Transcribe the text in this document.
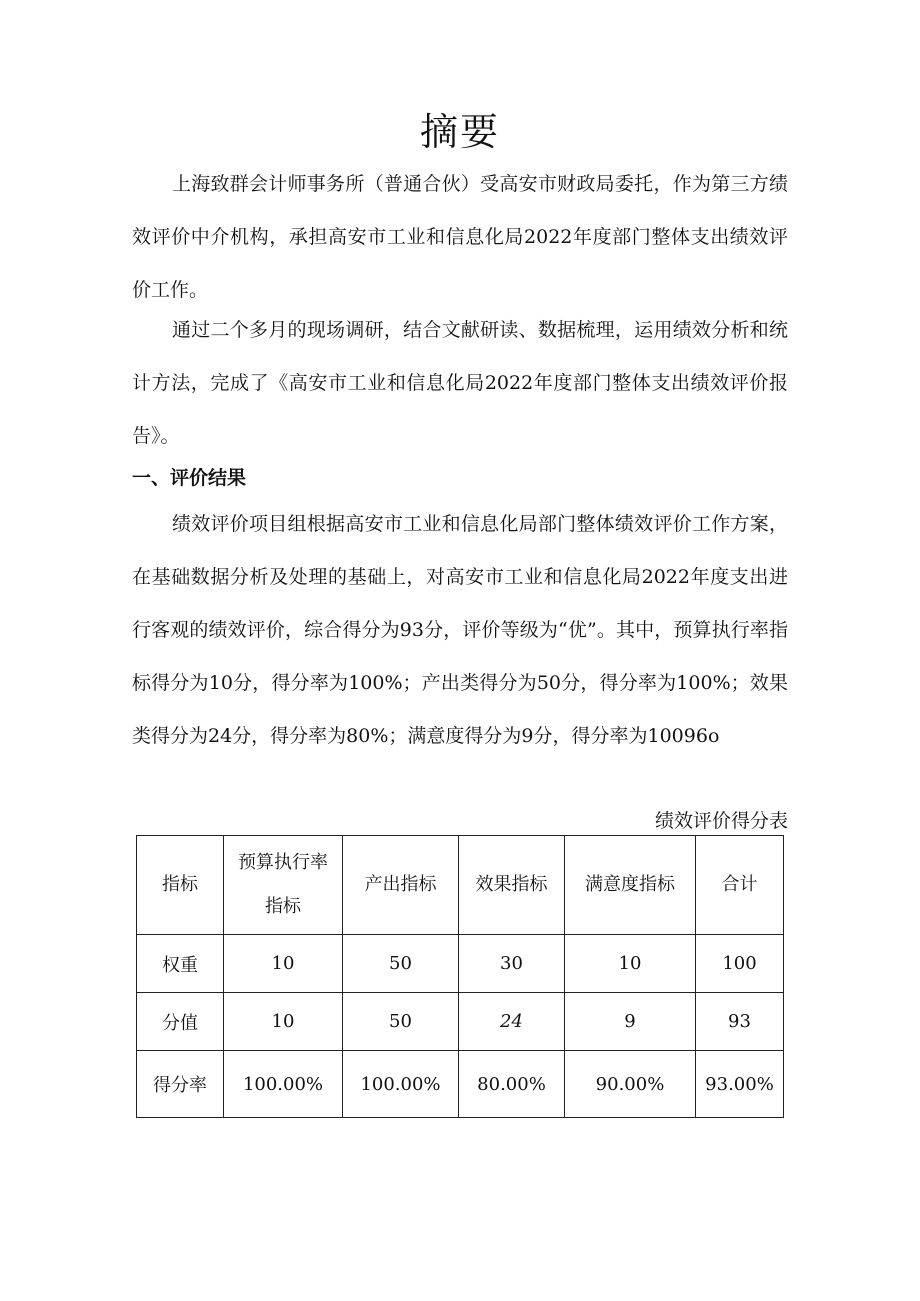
摘要

上海致群会计师事务所（普通合伙）受高安市财政局委托，作为第三方绩效评价中介机构，承担高安市工业和信息化局2022年度部门整体支出绩效评价工作。

通过二个多月的现场调研，结合文献研读、数据梳理，运用绩效分析和统计方法，完成了《高安市工业和信息化局2022年度部门整体支出绩效评价报告》。

一、评价结果

绩效评价项目组根据高安市工业和信息化局部门整体绩效评价工作方案，在基础数据分析及处理的基础上，对高安市工业和信息化局2022年度支出进行客观的绩效评价，综合得分为93分，评价等级为“优”。其中，预算执行率指标得分为10分，得分率为100%；产出类得分为50分，得分率为100%；效果类得分为24分，得分率为80%；满意度得分为9分，得分率为10096o

绩效评价得分表
指标	预算执行率指标	产出指标	效果指标	满意度指标	合计
权重	10	50	30	10	100
分值	10	50	24	9	93
得分率	100.00%	100.00%	80.00%	90.00%	93.00%
